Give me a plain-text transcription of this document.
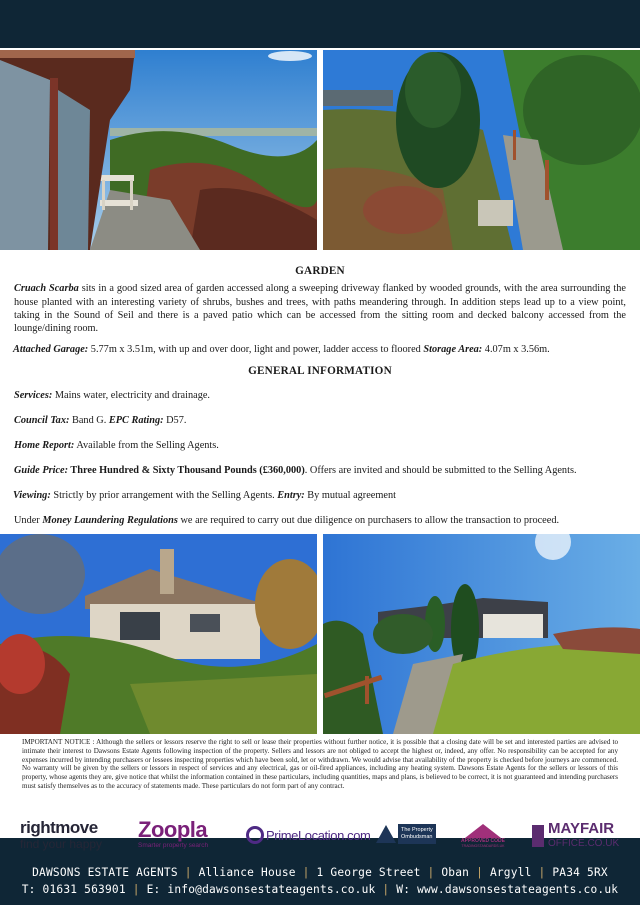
GARDEN

Cruach Scarba sits in a good sized area of garden accessed along a sweeping driveway flanked by wooded grounds, with the area surrounding the house planted with an interesting variety of shrubs, bushes and trees, with paths meandering through. In addition steps lead up to a view point, taking in the Sound of Seil and there is a paved patio which can be accessed from the sitting room and decked balcony accessed from the lounge/dining room.

Attached Garage: 5.77m x 3.51m, with up and over door, light and power, ladder access to floored Storage Area: 4.07m x 3.56m.

GENERAL INFORMATION

Services: Mains water, electricity and drainage.

Council Tax: Band G. EPC Rating: D57.

Home Report: Available from the Selling Agents.

Guide Price: Three Hundred & Sixty Thousand Pounds (£360,000). Offers are invited and should be submitted to the Selling Agents.

Viewing: Strictly by prior arrangement with the Selling Agents. Entry: By mutual agreement

Under Money Laundering Regulations we are required to carry out due diligence on purchasers to allow the transaction to proceed.

IMPORTANT NOTICE : Although the sellers or lessors reserve the right to sell or lease their properties without further notice, it is possible that a closing date will be set and interested parties are advised to intimate their interest to Dawsons Estate Agents following inspection of the property. Sellers and lessors are not obliged to accept the highest or, indeed, any offer. No responsibility can be accepted for any expenses incurred by intending purchasers or lessees inspecting properties which have been sold, let or withdrawn. We would advise that availability of the property is checked before journeys are commenced. No warranty will be given by the sellers or lessors in respect of services and any electrical, gas or oil-fired appliances, including any heating system. Dawsons Estate Agents for the sellers or lessors of this property, whose agents they are, give notice that whilst the information contained in these particulars, including quantities, maps and plans, is believed to be correct, it is not guaranteed and intending purchasers must satisfy themselves as to the accuracy of statements made. These particulars do not form part of any contract.
rightmove
find your happy
Zoopla
Smarter property search
PrimeLocation.com	The Property
Ombudsman
APPROVED CODE
TRADINGSTANDARDS.UK
MAYFAIR
OFFICE.CO.UK
DAWSONS ESTATE AGENTS | Alliance House | 1 George Street | Oban | Argyll | PA34 5RX
T: 01631 563901 | E: info@dawsonsestateagents.co.uk | W: www.dawsonsestateagents.co.uk
